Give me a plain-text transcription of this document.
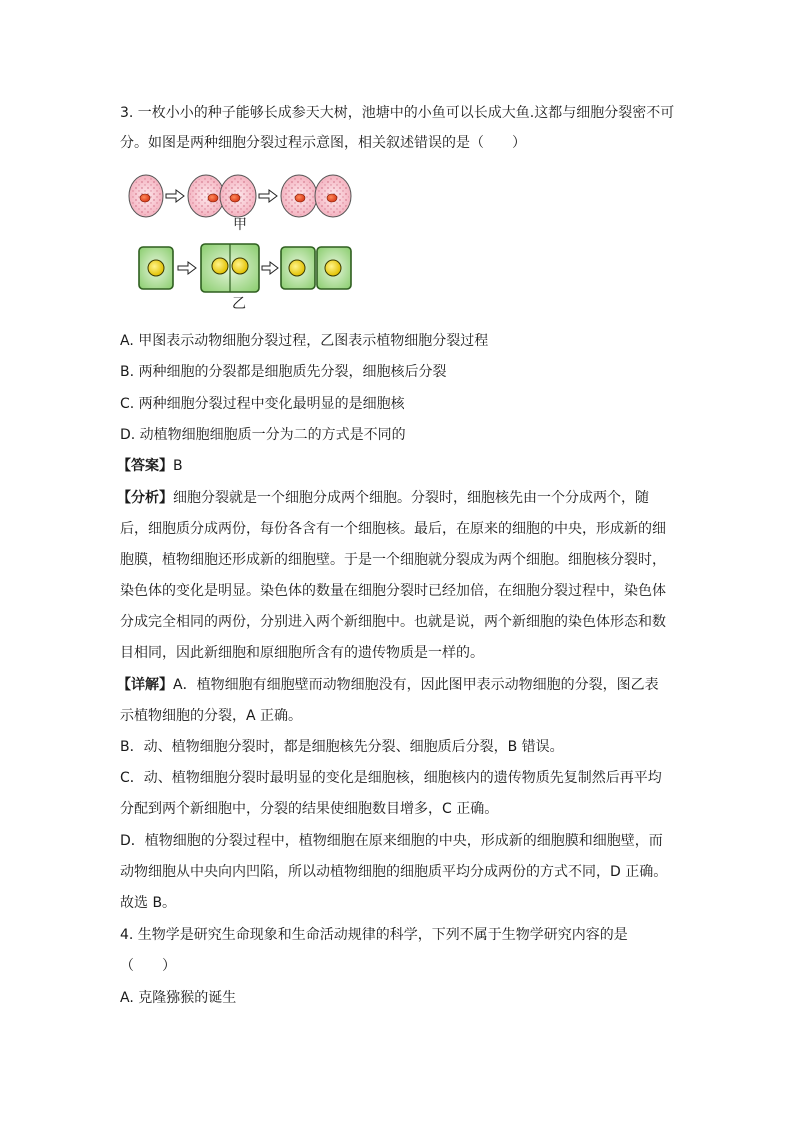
3. 一枚小小的种子能够长成参天大树，池塘中的小鱼可以长成大鱼.这都与细胞分裂密不可
分。如图是两种细胞分裂过程示意图，相关叙述错误的是（　　）
甲
乙
A. 甲图表示动物细胞分裂过程，乙图表示植物细胞分裂过程
B. 两种细胞的分裂都是细胞质先分裂，细胞核后分裂
C. 两种细胞分裂过程中变化最明显的是细胞核
D. 动植物细胞细胞质一分为二的方式是不同的
【答案】B
【分析】细胞分裂就是一个细胞分成两个细胞。分裂时，细胞核先由一个分成两个，随
后，细胞质分成两份，每份各含有一个细胞核。最后，在原来的细胞的中央，形成新的细
胞膜，植物细胞还形成新的细胞壁。于是一个细胞就分裂成为两个细胞。细胞核分裂时，
染色体的变化是明显。染色体的数量在细胞分裂时已经加倍，在细胞分裂过程中，染色体
分成完全相同的两份，分别进入两个新细胞中。也就是说，两个新细胞的染色体形态和数
目相同，因此新细胞和原细胞所含有的遗传物质是一样的。
【详解】A．植物细胞有细胞壁而动物细胞没有，因此图甲表示动物细胞的分裂，图乙表
示植物细胞的分裂，A 正确。
B．动、植物细胞分裂时，都是细胞核先分裂、细胞质后分裂，B 错误。
C．动、植物细胞分裂时最明显的变化是细胞核，细胞核内的遗传物质先复制然后再平均
分配到两个新细胞中，分裂的结果使细胞数目增多，C 正确。
D．植物细胞的分裂过程中，植物细胞在原来细胞的中央，形成新的细胞膜和细胞壁，而
动物细胞从中央向内凹陷，所以动植物细胞的细胞质平均分成两份的方式不同，D 正确。
故选 B。
4. 生物学是研究生命现象和生命活动规律的科学，下列不属于生物学研究内容的是
（　　）
A. 克隆猕猴的诞生
